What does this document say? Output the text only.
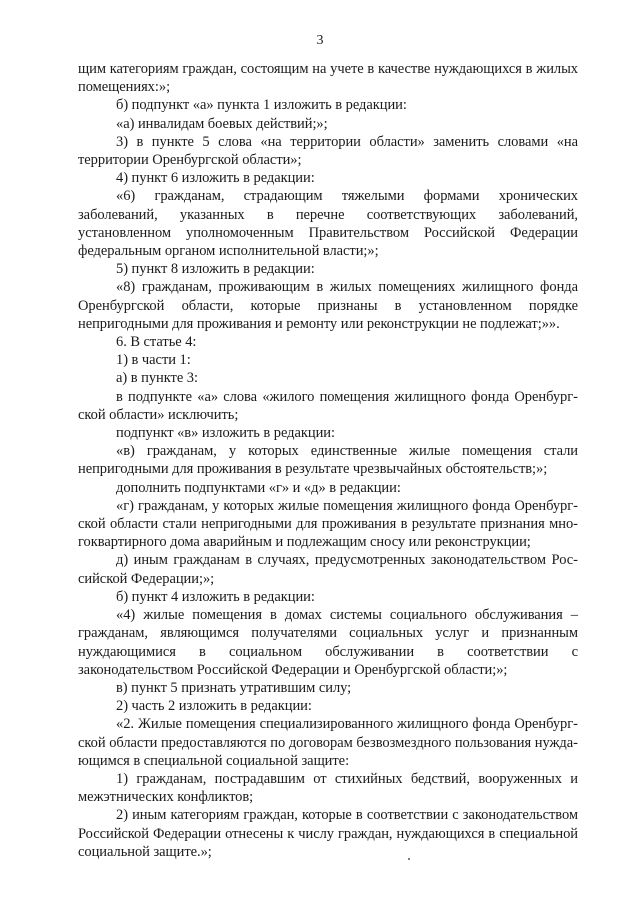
3

щим категориям граждан, состоящим на учете в качестве нуждающихся в жилых помещениях:»;

б) подпункт «а» пункта 1 изложить в редакции:

«а) инвалидам боевых действий;»;

3) в пункте 5 слова «на территории области» заменить словами «на территории Оренбургской области»;

4) пункт 6 изложить в редакции:

«6) гражданам, страдающим тяжелыми формами хронических заболеваний, указанных в перечне соответствующих заболеваний, установленном уполномоченным Правительством Российской Федерации федеральным органом исполнительной власти;»;

5) пункт 8 изложить в редакции:

«8) гражданам, проживающим в жилых помещениях жилищного фонда Оренбургской области, которые признаны в установленном порядке непригодными для проживания и ремонту или реконструкции не подлежат;»».

6. В статье 4:

1) в части 1:

а) в пункте 3:

в подпункте «а» слова «жилого помещения жилищного фонда Оренбургской области» исключить;

подпункт «в» изложить в редакции:

«в) гражданам, у которых единственные жилые помещения стали непригодными для проживания в результате чрезвычайных обстоятельств;»;

дополнить подпунктами «г» и «д» в редакции:

«г) гражданам, у которых жилые помещения жилищного фонда Оренбургской области стали непригодными для проживания в результате признания многоквартирного дома аварийным и подлежащим сносу или реконструкции;

д) иным гражданам в случаях, предусмотренных законодательством Российской Федерации;»;

б) пункт 4 изложить в редакции:

«4) жилые помещения в домах системы социального обслуживания – гражданам, являющимся получателями социальных услуг и признанным нуждающимися в социальном обслуживании в соответствии с законодательством Российской Федерации и Оренбургской области;»;

в) пункт 5 признать утратившим силу;

2) часть 2 изложить в редакции:

«2. Жилые помещения специализированного жилищного фонда Оренбургской области предоставляются по договорам безвозмездного пользования нуждающимся в специальной социальной защите:

1) гражданам, пострадавшим от стихийных бедствий, вооруженных и межэтнических конфликтов;

2) иным категориям граждан, которые в соответствии с законодательством Российской Федерации отнесены к числу граждан, нуждающихся в специальной социальной защите.»;
